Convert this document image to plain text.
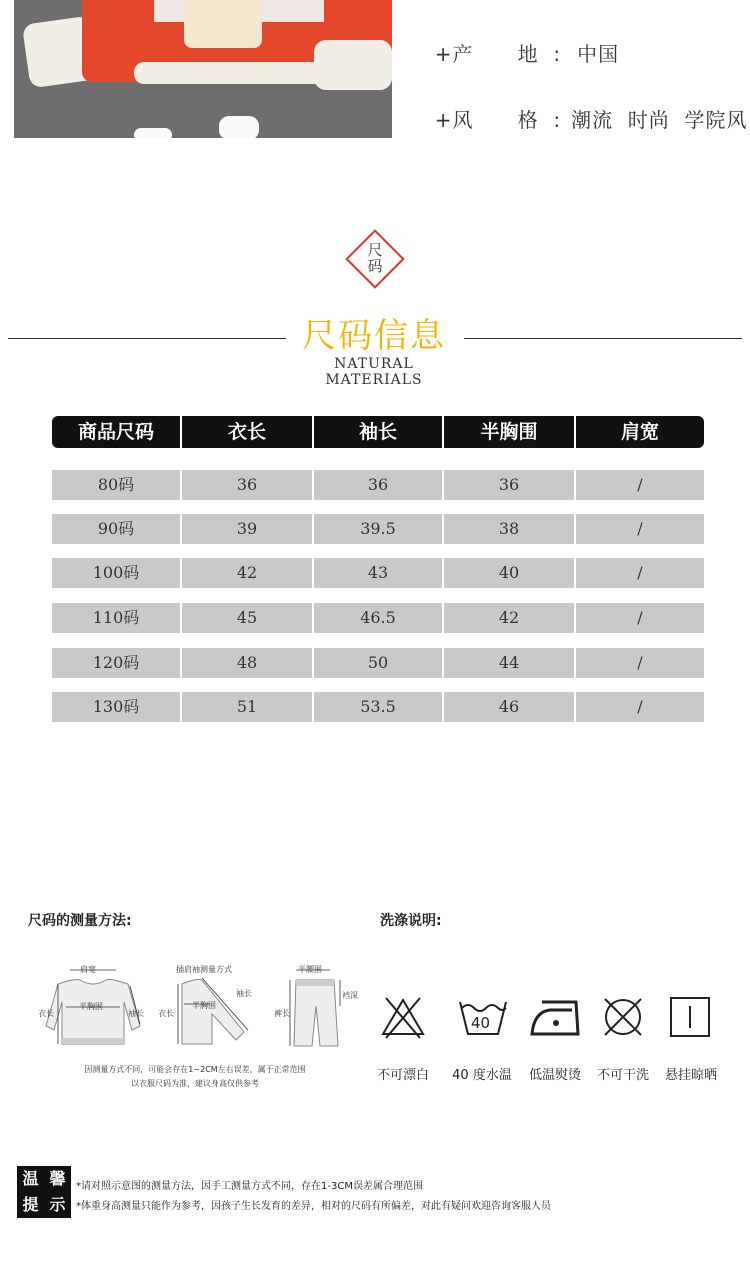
+产      地  : 中国

+风      格  : 潮流  时尚  学院风

尺
码
尺码信息
NATURAL MATERIALS
商品尺码	衣长	袖长	半胸围	肩宽
80码	36	36	36	/
90码	39	39.5	38	/
100码	42	43	40	/
110码	45	46.5	42	/
120码	48	50	44	/
130码	51	53.5	46	/
尺码的测量方法:
肩宽
衣长
半胸围
袖长
插肩袖测量方式
衣长
半胸围
袖长
半腰围
裆深
裤长
因测量方式不同，可能会存在1~2CM左右误差，属于正常范围
以衣服尺码为准，建议身高仅供参考
洗涤说明:
40
不可漂白	40 度水温	低温熨烫	不可干洗	悬挂晾晒
温 馨
提 示
*请对照示意图的测量方法，因手工测量方式不同，存在1-3CM误差属合理范围
*体重身高测量只能作为参考，因孩子生长发育的差异，相对的尺码有所偏差，对此有疑问欢迎咨询客服人员
